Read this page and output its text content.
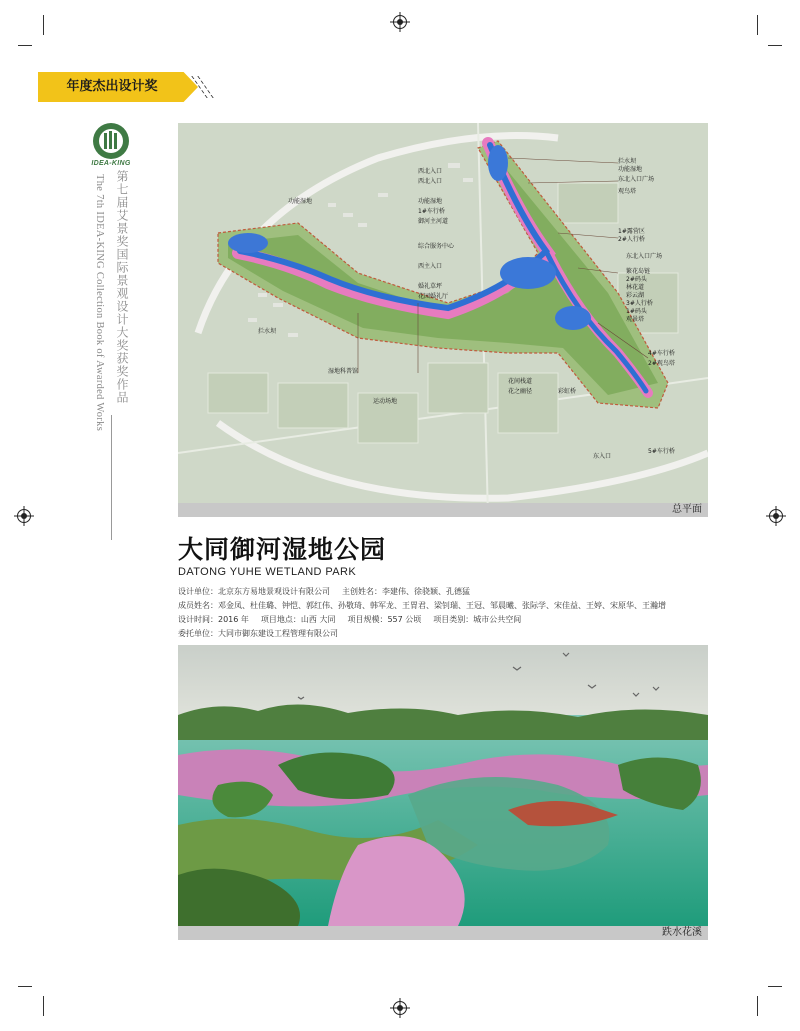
年度杰出设计奖
IDEA-KING
第七届艾景奖国际景观设计大奖获奖作品
The 7th IDEA-KING Collection Book of Awarded Works
拦水坝
功能湿地
东北入口广场
观鸟塔
1#露营区
2#人行桥
东北入口广场
繁花岛链
2#码头
林花道
彩云湖
3#人行桥
1#码头
观景塔
4#车行桥
2#观鸟塔
西北入口
功能湿地
1#车行桥
御河主河道
西北入口
综合服务中心
西主入口
婚礼草坪
花园婚礼厅
功能湿地
拦水坝
东入口
5#车行桥
湿地科普馆
运动场地
花间栈道
花之幽径	彩虹桥
总平面
大同御河湿地公园
DATONG YUHE WETLAND PARK
设计单位：北京东方易地景观设计有限公司 主创姓名：李建伟、徐骁颖、孔德猛
成员姓名：邓金凤、杜佳璐、钟恺、郭红伟、孙敬琦、韩军龙、王胃君、梁钊瑞、王冠、邹晨曦、张际学、宋佳益、王婷、宋原华、王瀚增
设计时间：2016 年 项目地点：山西 大同 项目规模：557 公顷 项目类别：城市公共空间
委托单位：大同市御东建设工程管理有限公司
跌水花溪
